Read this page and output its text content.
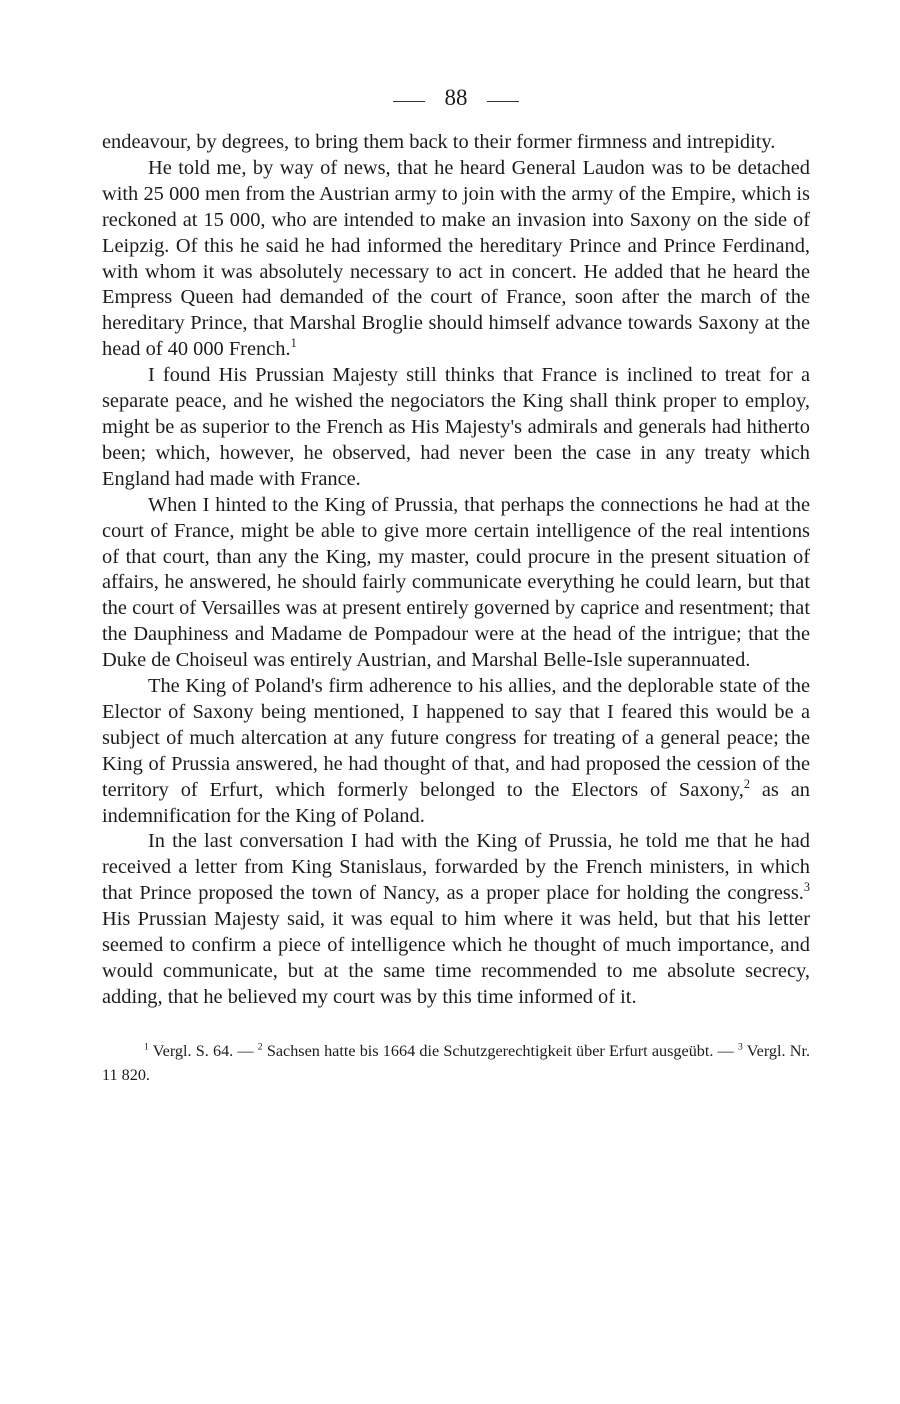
88

endeavour, by degrees, to bring them back to their former firmness and intrepidity.

He told me, by way of news, that he heard General Laudon was to be detached with 25 000 men from the Austrian army to join with the army of the Empire, which is reckoned at 15 000, who are intended to make an invasion into Saxony on the side of Leipzig. Of this he said he had informed the hereditary Prince and Prince Ferdinand, with whom it was absolutely necessary to act in concert. He added that he heard the Empress Queen had demanded of the court of France, soon after the march of the hereditary Prince, that Marshal Broglie should himself advance towards Saxony at the head of 40 000 French.$^1$

I found His Prussian Majesty still thinks that France is inclined to treat for a separate peace, and he wished the negociators the King shall think proper to employ, might be as superior to the French as His Majesty's admirals and generals had hitherto been; which, however, he observed, had never been the case in any treaty which England had made with France.

When I hinted to the King of Prussia, that perhaps the connections he had at the court of France, might be able to give more certain intelligence of the real intentions of that court, than any the King, my master, could procure in the present situation of affairs, he answered, he should fairly communicate everything he could learn, but that the court of Versailles was at present entirely governed by caprice and resentment; that the Dauphiness and Madame de Pompadour were at the head of the intrigue; that the Duke de Choiseul was entirely Austrian, and Marshal Belle-Isle superannuated.

The King of Poland's firm adherence to his allies, and the deplorable state of the Elector of Saxony being mentioned, I happened to say that I feared this would be a subject of much altercation at any future congress for treating of a general peace; the King of Prussia answered, he had thought of that, and had proposed the cession of the territory of Erfurt, which formerly belonged to the Electors of Saxony,$^2$ as an indemnification for the King of Poland.

In the last conversation I had with the King of Prussia, he told me that he had received a letter from King Stanislaus, forwarded by the French ministers, in which that Prince proposed the town of Nancy, as a proper place for holding the congress.$^3$ His Prussian Majesty said, it was equal to him where it was held, but that his letter seemed to confirm a piece of intelligence which he thought of much importance, and would communicate, but at the same time recommended to me absolute secrecy, adding, that he believed my court was by this time informed of it.

$^1$ Vergl. S. 64. — $^2$ Sachsen hatte bis 1664 die Schutzgerechtigkeit über Erfurt ausgeübt. — $^3$ Vergl. Nr. 11 820.
